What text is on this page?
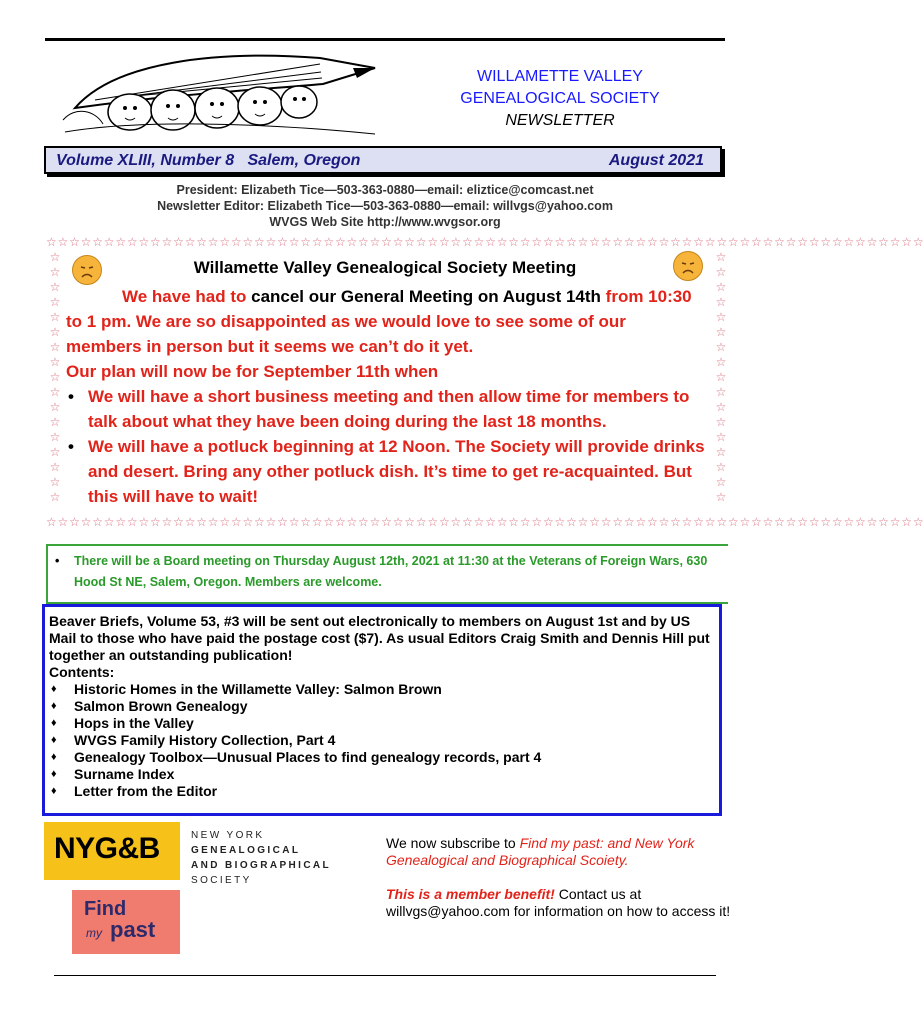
WILLAMETTE VALLEY
GENEALOGICAL SOCIETY
NEWSLETTER
Volume XLIII, Number 8 Salem, Oregon	August 2021
President: Elizabeth Tice—503-363-0880—email: eliztice@comcast.net
Newsletter Editor: Elizabeth Tice—503-363-0880—email: willvgs@yahoo.com
WVGS Web Site http://www.wvgsor.org
☆☆☆☆☆☆☆☆☆☆☆☆☆☆☆☆☆☆☆☆☆☆☆☆☆☆☆☆☆☆☆☆☆☆☆☆☆☆☆☆☆☆☆☆☆☆☆☆☆☆☆☆☆☆☆☆☆☆☆☆☆☆☆☆☆☆☆☆☆☆☆☆☆☆☆☆
☆☆☆☆☆☆☆☆☆☆☆☆☆☆☆☆☆☆☆☆☆☆☆☆☆☆☆☆☆☆☆☆☆☆☆☆☆☆☆☆☆☆☆☆☆☆☆☆☆☆☆☆☆☆☆☆☆☆☆☆☆☆☆☆☆☆☆☆☆☆☆☆☆☆☆☆
☆ ☆ ☆ ☆ ☆ ☆ ☆ ☆ ☆ ☆ ☆ ☆ ☆ ☆ ☆ ☆ ☆
☆ ☆ ☆ ☆ ☆ ☆ ☆ ☆ ☆ ☆ ☆ ☆ ☆ ☆ ☆ ☆ ☆
Willamette Valley Genealogical Society Meeting
We have had to cancel our General Meeting on August 14th from 10:30 to 1 pm. We are so disappointed as we would love to see some of our members in person but it seems we can’t do it yet.
Our plan will now be for September 11th when
• We will have a short business meeting and then allow time for members to talk about what they have been doing during the last 18 months.
• We will have a potluck beginning at 12 Noon. The Society will provide drinks and desert. Bring any other potluck dish. It’s time to get re-acquainted. But this will have to wait!
• There will be a Board meeting on Thursday August 12th, 2021 at 11:30 at the Veterans of Foreign Wars, 630 Hood St NE, Salem, Oregon. Members are welcome.
Beaver Briefs, Volume 53, #3 will be sent out electronically to members on August 1st and by US Mail to those who have paid the postage cost ($7). As usual Editors Craig Smith and Dennis Hill put together an outstanding publication!
Contents:
♦ Historic Homes in the Willamette Valley: Salmon Brown
♦ Salmon Brown Genealogy
♦ Hops in the Valley
♦ WVGS Family History Collection, Part 4
♦ Genealogy Toolbox—Unusual Places to find genealogy records, part 4
♦ Surname Index
♦ Letter from the Editor
NYG&B	NEW YORK
GENEALOGICAL
AND BIOGRAPHICAL
SOCIETY
Find
my past
We now subscribe to Find my past: and New York Genealogical and Biographical Scoiety.
This is a member benefit! Contact us at willvgs@yahoo.com for information on how to access it!
